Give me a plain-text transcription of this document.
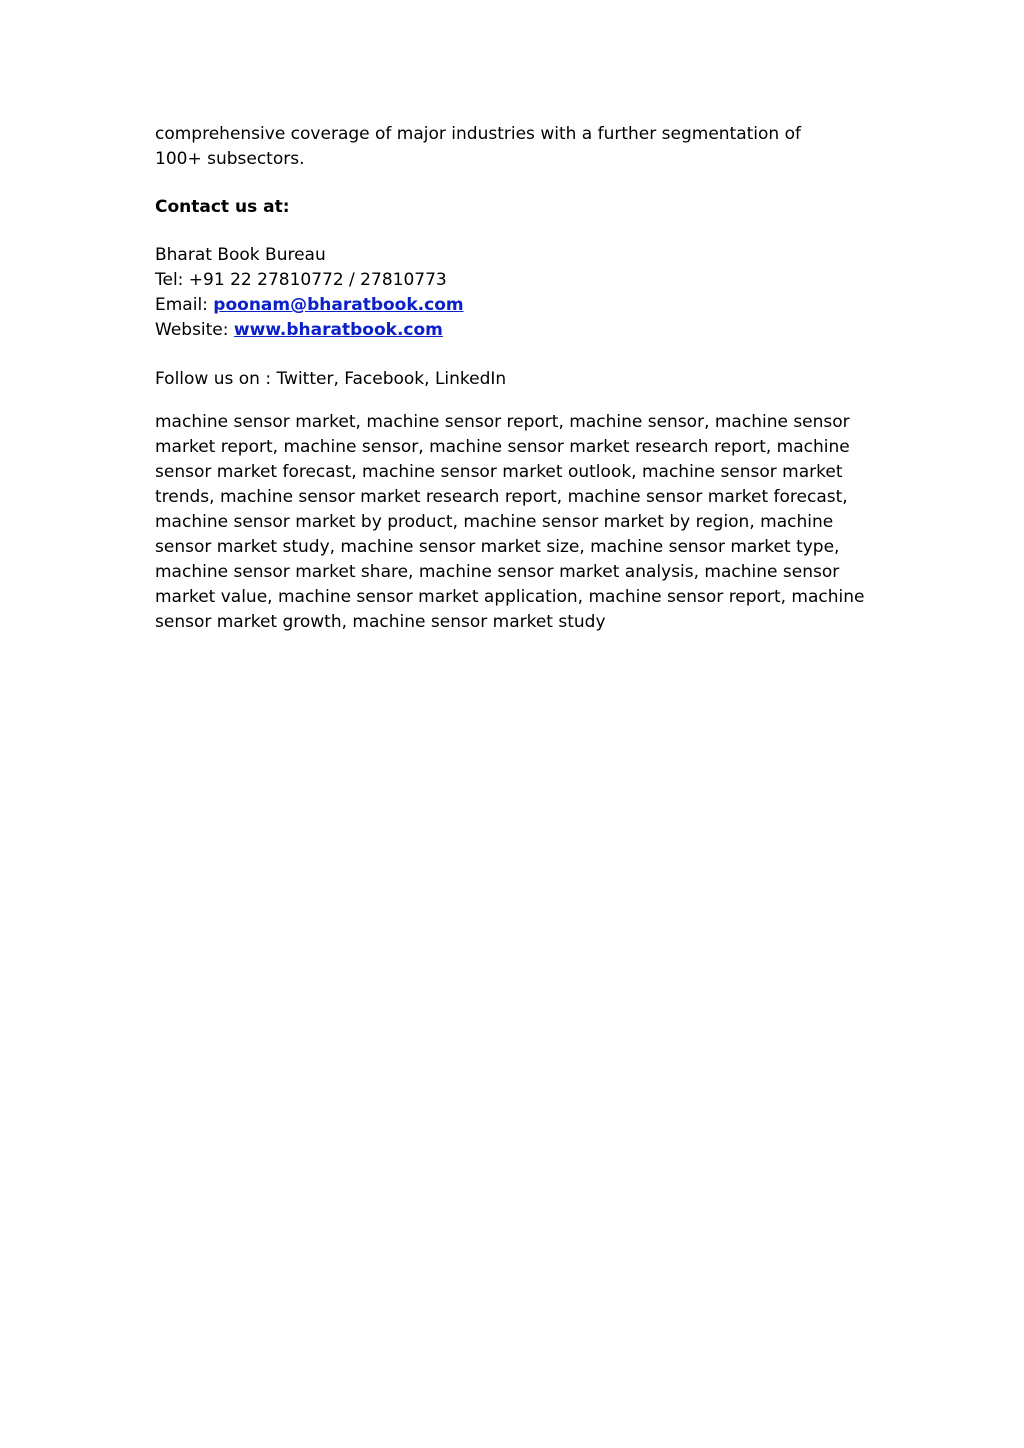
comprehensive coverage of major industries with a further segmentation of
100+ subsectors.

Contact us at:

Bharat Book Bureau
Tel: +91 22 27810772 / 27810773
Email: poonam@bharatbook.com
Website: www.bharatbook.com

Follow us on : Twitter, Facebook, LinkedIn

machine sensor market, machine sensor report, machine sensor, machine sensor
market report, machine sensor, machine sensor market research report, machine
sensor market forecast, machine sensor market outlook, machine sensor market
trends, machine sensor market research report, machine sensor market forecast,
machine sensor market by product, machine sensor market by region, machine
sensor market study, machine sensor market size, machine sensor market type,
machine sensor market share, machine sensor market analysis, machine sensor
market value, machine sensor market application, machine sensor report, machine
sensor market growth, machine sensor market study
